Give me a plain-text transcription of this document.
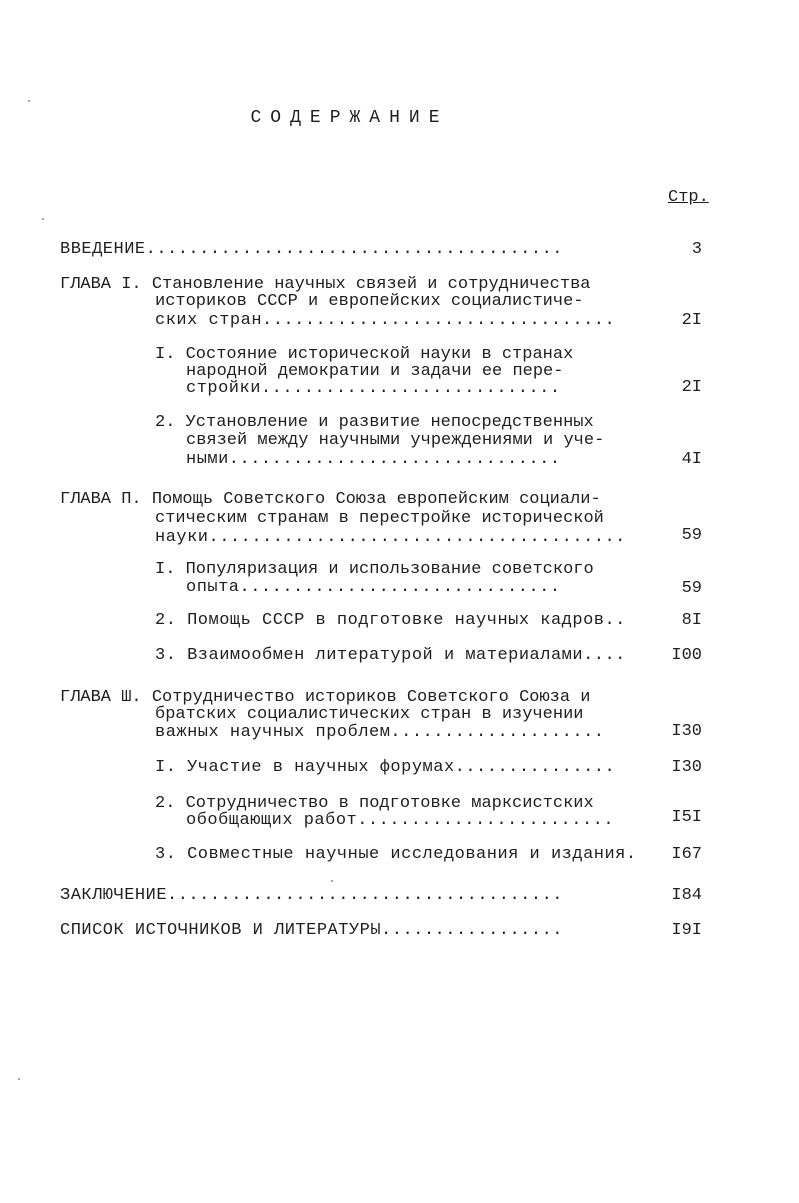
СОДЕРЖАНИЕ
Стр.
ВВЕДЕНИЕ.......................................	3
ГЛАВА I. Становление научных связей и сотрудничества
историков СССР и европейских социалистиче-
ских стран.................................	2I
I. Состояние исторической науки в странах
народной демократии и задачи ее пере-
стройки............................	2I
2. Установление и развитие непосредственных
связей между научными учреждениями и уче-
ными...............................	4I
ГЛАВА П. Помощь Советского Союза европейским социали-
стическим странам в перестройке исторической
науки.......................................	59
I. Популяризация и использование советского
опыта..............................	59
2. Помощь СССР в подготовке научных кадров..	8I
3. Взаимообмен литературой и материалами....	I00
ГЛАВА Ш. Сотрудничество историков Советского Союза и
братских социалистических стран в изучении
важных научных проблем....................	I30
I. Участие в научных форумах...............	I30
2. Сотрудничество в подготовке марксистских
обобщающих работ........................	I5I
3. Совместные научные исследования и издания. I67
ЗАКЛЮЧЕНИЕ.....................................	I84
СПИСОК ИСТОЧНИКОВ И ЛИТЕРАТУРЫ.................	I9I
